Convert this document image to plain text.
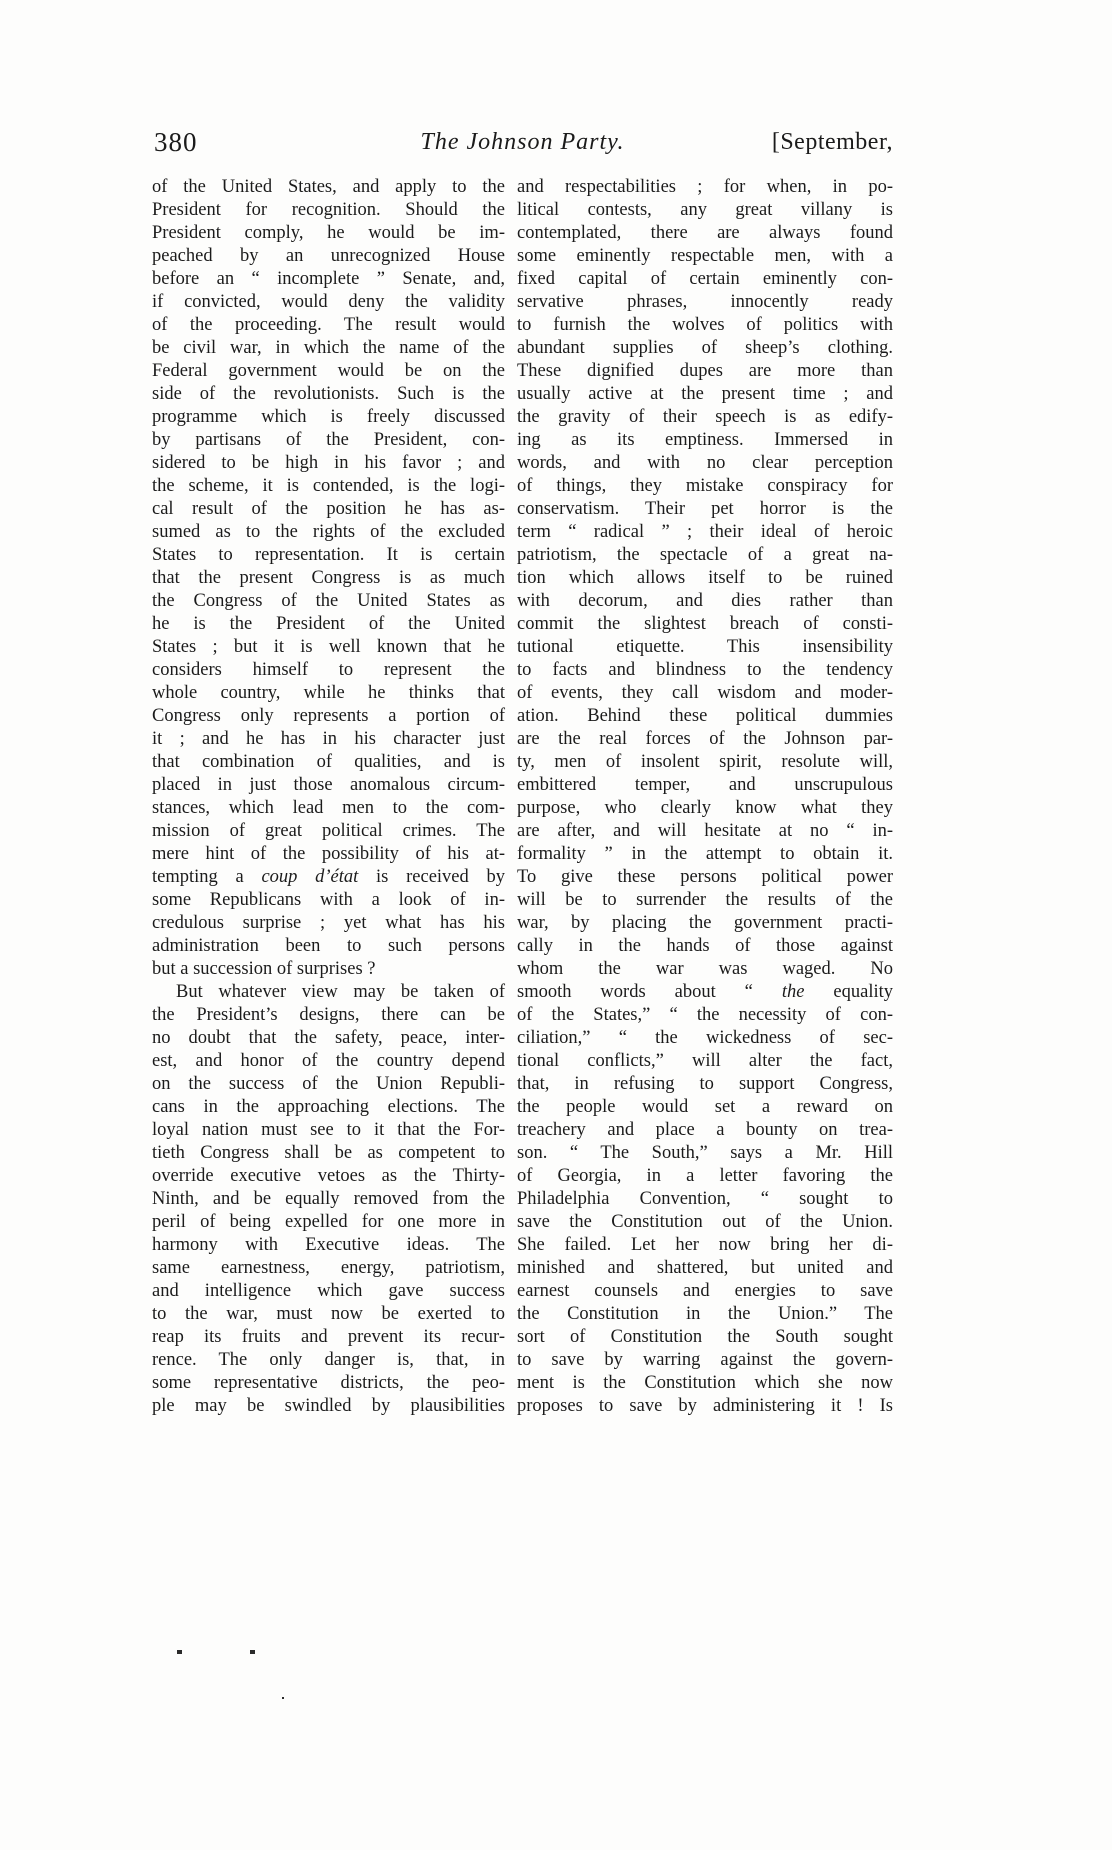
380	The Johnson Party.	[September,
of the United States, and apply to the
President for recognition. Should the
President comply, he would be im-
peached by an unrecognized House
before an “ incomplete ” Senate, and,
if convicted, would deny the validity
of the proceeding. The result would
be civil war, in which the name of the
Federal government would be on the
side of the revolutionists. Such is the
programme which is freely discussed
by partisans of the President, con-
sidered to be high in his favor ; and
the scheme, it is contended, is the logi-
cal result of the position he has as-
sumed as to the rights of the excluded
States to representation. It is certain
that the present Congress is as much
the Congress of the United States as
he is the President of the United
States ; but it is well known that he
considers himself to represent the
whole country, while he thinks that
Congress only represents a portion of
it ; and he has in his character just
that combination of qualities, and is
placed in just those anomalous circum-
stances, which lead men to the com-
mission of great political crimes. The
mere hint of the possibility of his at-
tempting a coup d’état is received by
some Republicans with a look of in-
credulous surprise ; yet what has his
administration been to such persons
but a succession of surprises ?
But whatever view may be taken of
the President’s designs, there can be
no doubt that the safety, peace, inter-
est, and honor of the country depend
on the success of the Union Republi-
cans in the approaching elections. The
loyal nation must see to it that the For-
tieth Congress shall be as competent to
override executive vetoes as the Thirty-
Ninth, and be equally removed from the
peril of being expelled for one more in
harmony with Executive ideas. The
same earnestness, energy, patriotism,
and intelligence which gave success
to the war, must now be exerted to
reap its fruits and prevent its recur-
rence. The only danger is, that, in
some representative districts, the peo-
ple may be swindled by plausibilities
and respectabilities ; for when, in po-
litical contests, any great villany is
contemplated, there are always found
some eminently respectable men, with a
fixed capital of certain eminently con-
servative phrases, innocently ready
to furnish the wolves of politics with
abundant supplies of sheep’s clothing.
These dignified dupes are more than
usually active at the present time ; and
the gravity of their speech is as edify-
ing as its emptiness. Immersed in
words, and with no clear perception
of things, they mistake conspiracy for
conservatism. Their pet horror is the
term “ radical ” ; their ideal of heroic
patriotism, the spectacle of a great na-
tion which allows itself to be ruined
with decorum, and dies rather than
commit the slightest breach of consti-
tutional etiquette. This insensibility
to facts and blindness to the tendency
of events, they call wisdom and moder-
ation. Behind these political dummies
are the real forces of the Johnson par-
ty, men of insolent spirit, resolute will,
embittered temper, and unscrupulous
purpose, who clearly know what they
are after, and will hesitate at no “ in-
formality ” in the attempt to obtain it.
To give these persons political power
will be to surrender the results of the
war, by placing the government practi-
cally in the hands of those against
whom the war was waged. No
smooth words about “ the equality
of the States,” “ the necessity of con-
ciliation,” “ the wickedness of sec-
tional conflicts,” will alter the fact,
that, in refusing to support Congress,
the people would set a reward on
treachery and place a bounty on trea-
son. “ The South,” says a Mr. Hill
of Georgia, in a letter favoring the
Philadelphia Convention, “ sought to
save the Constitution out of the Union.
She failed. Let her now bring her di-
minished and shattered, but united and
earnest counsels and energies to save
the Constitution in the Union.” The
sort of Constitution the South sought
to save by warring against the govern-
ment is the Constitution which she now
proposes to save by administering it ! Is
